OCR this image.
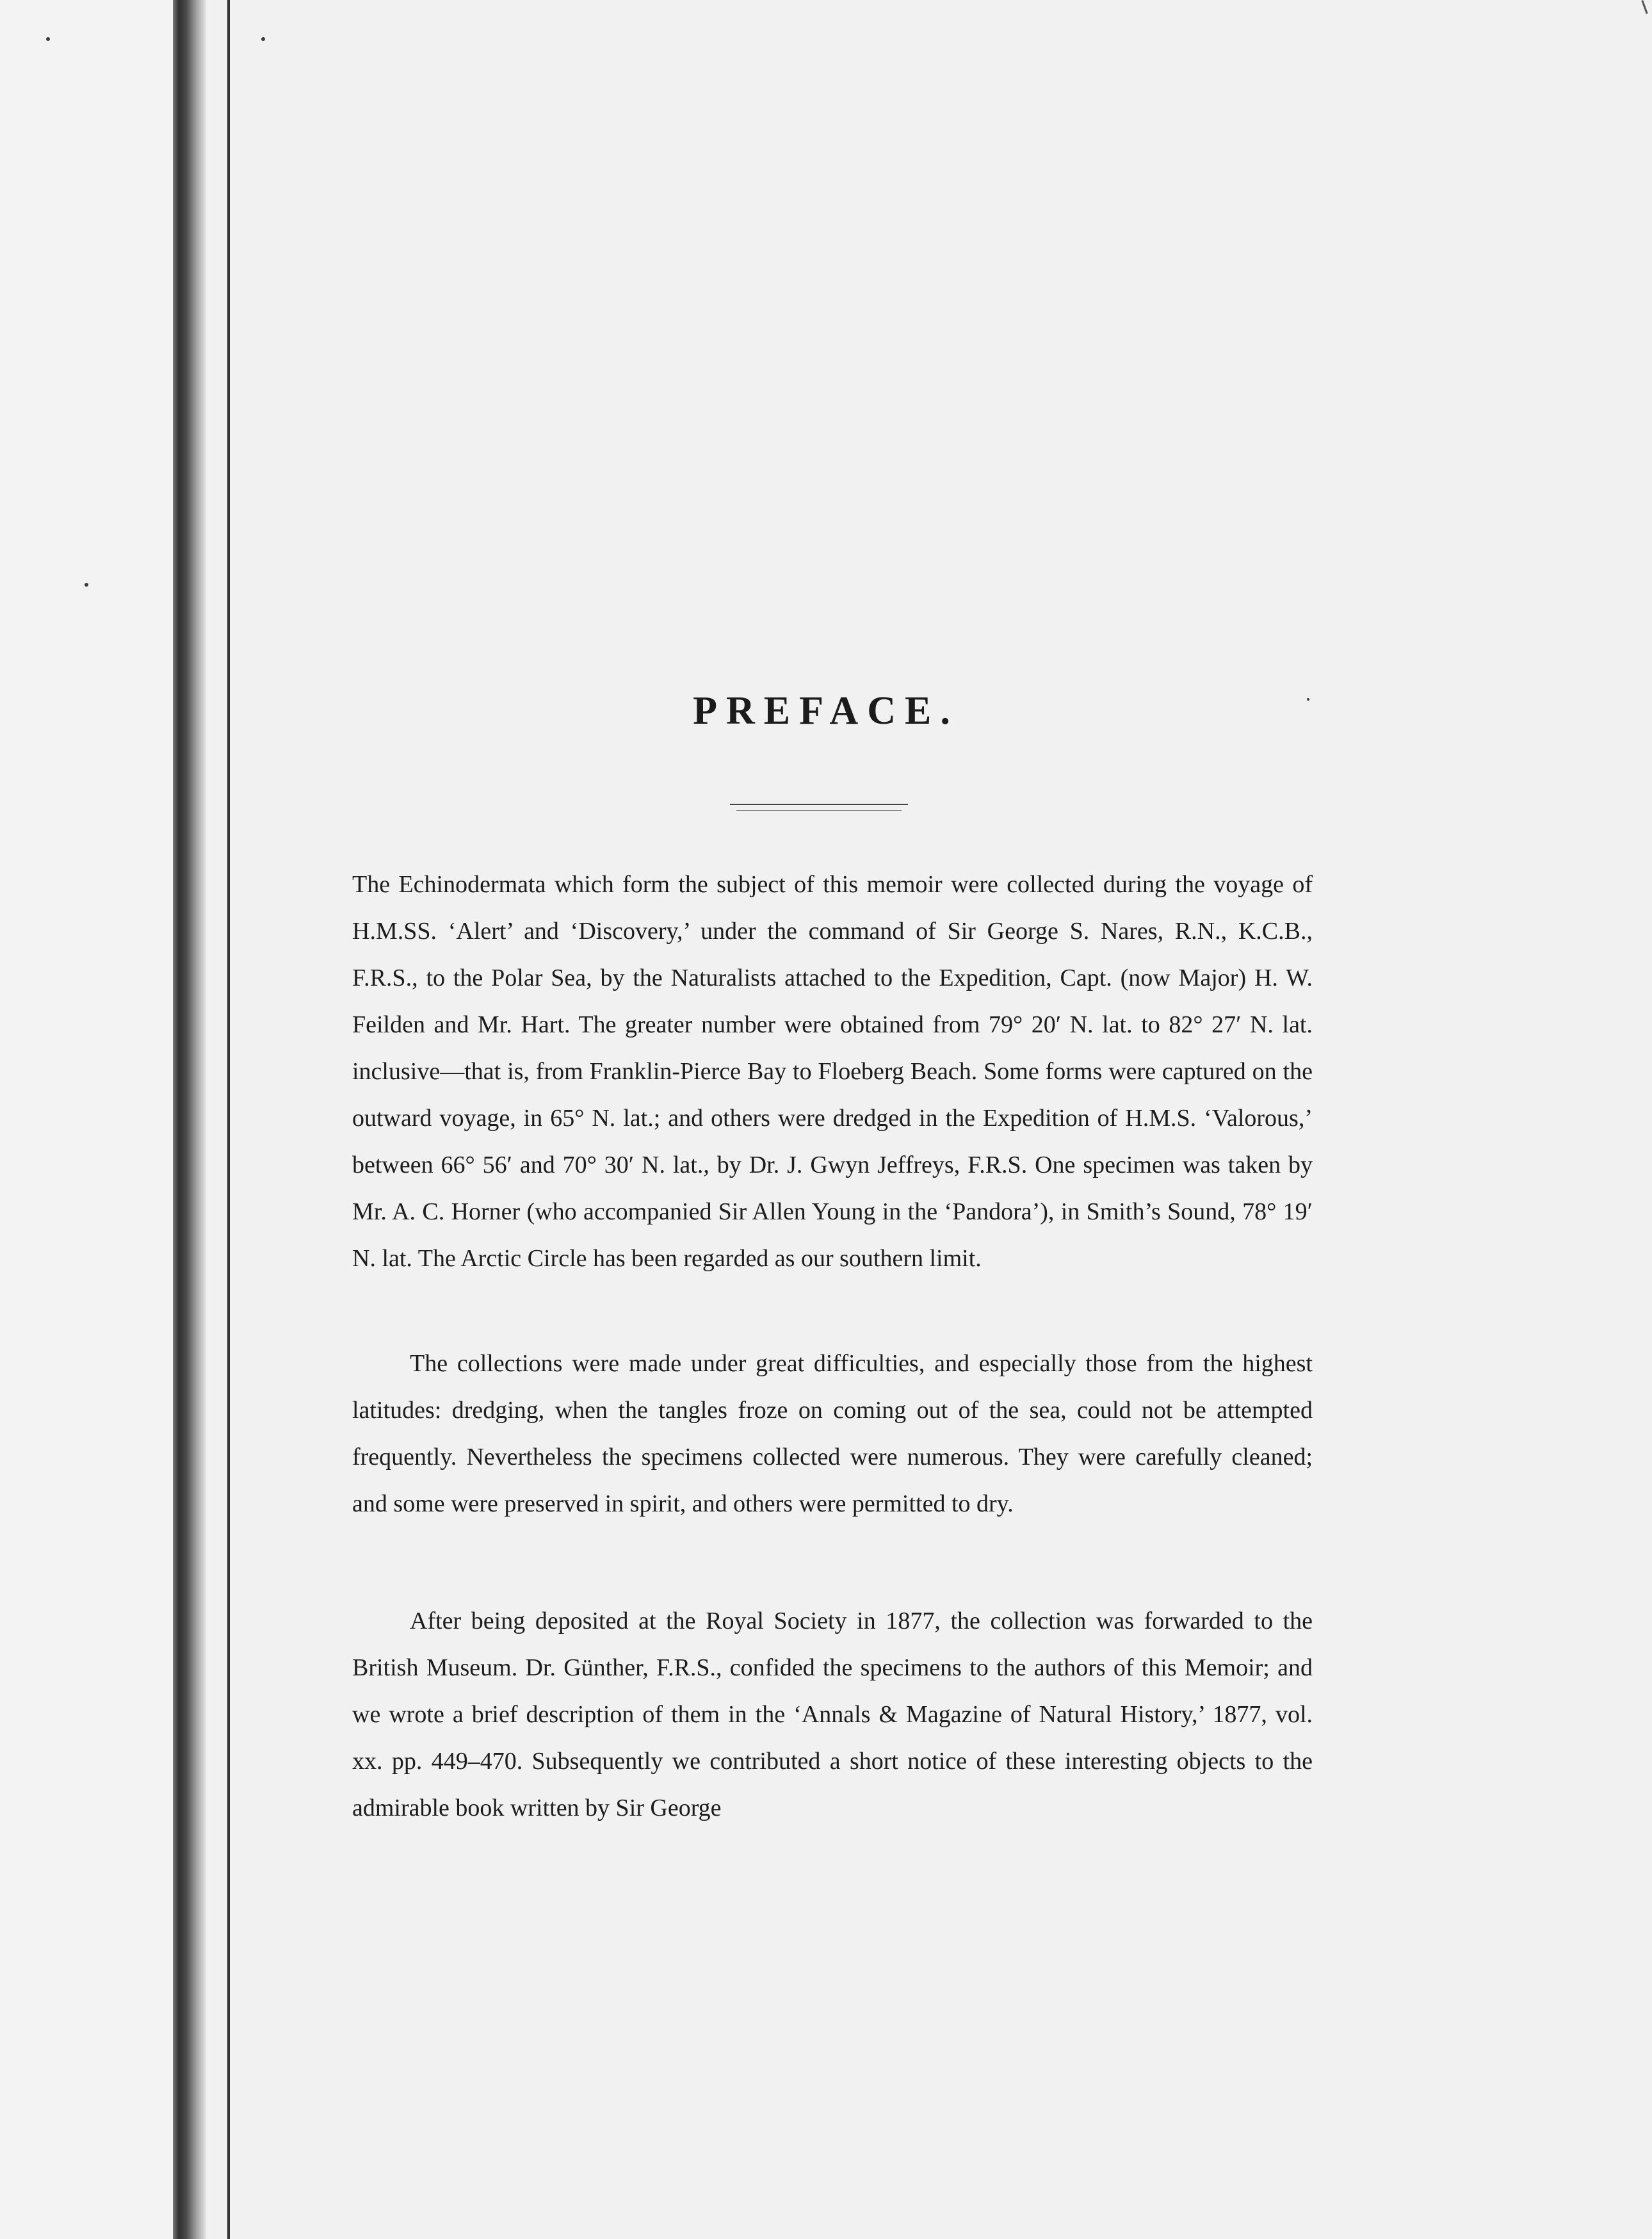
PREFACE.
The Echinodermata which form the subject of this memoir were collected during the voyage of H.M.SS. ‘Alert’ and ‘Discovery,’ under the command of Sir George S. Nares, R.N., K.C.B., F.R.S., to the Polar Sea, by the Naturalists attached to the Expedition, Capt. (now Major) H. W. Feilden and Mr. Hart. The greater number were obtained from 79° 20′ N. lat. to 82° 27′ N. lat. inclusive—that is, from Franklin-Pierce Bay to Floeberg Beach. Some forms were captured on the outward voyage, in 65° N. lat.; and others were dredged in the Expedition of H.M.S. ‘Valorous,’ between 66° 56′ and 70° 30′ N. lat., by Dr. J. Gwyn Jeffreys, F.R.S. One specimen was taken by Mr. A. C. Horner (who accompanied Sir Allen Young in the ‘Pandora’), in Smith’s Sound, 78° 19′ N. lat. The Arctic Circle has been regarded as our southern limit.
The collections were made under great difficulties, and especially those from the highest latitudes: dredging, when the tangles froze on coming out of the sea, could not be attempted frequently. Nevertheless the specimens collected were numerous. They were carefully cleaned; and some were preserved in spirit, and others were permitted to dry.
After being deposited at the Royal Society in 1877, the collection was forwarded to the British Museum. Dr. Günther, F.R.S., confided the specimens to the authors of this Memoir; and we wrote a brief description of them in the ‘Annals & Magazine of Natural History,’ 1877, vol. xx. pp. 449–470. Subsequently we contributed a short notice of these interesting objects to the admirable book written by Sir George
